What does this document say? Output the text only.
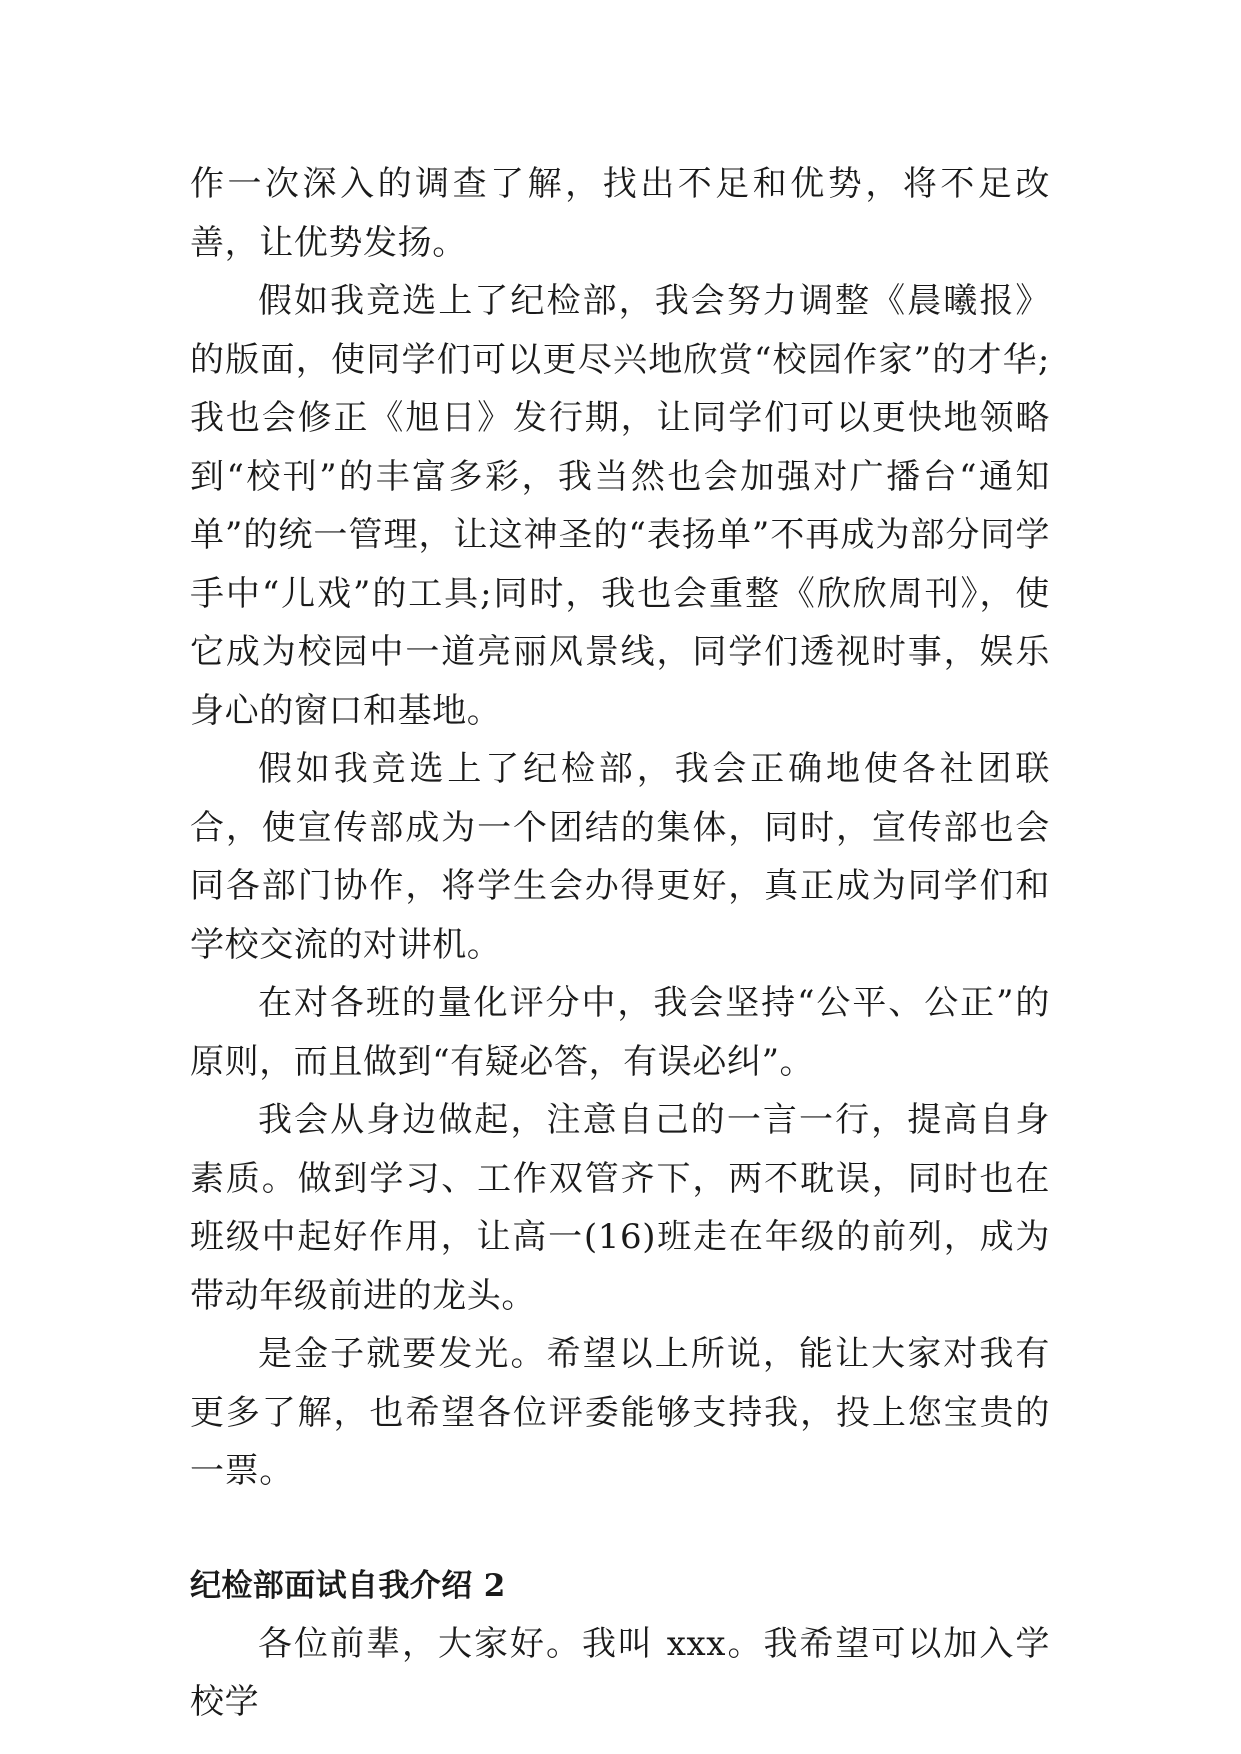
作一次深入的调查了解，找出不足和优势，将不足改善，让优势发扬。

假如我竞选上了纪检部，我会努力调整《晨曦报》的版面，使同学们可以更尽兴地欣赏“校园作家”的才华;我也会修正《旭日》发行期，让同学们可以更快地领略到“校刊”的丰富多彩，我当然也会加强对广播台“通知单”的统一管理，让这神圣的“表扬单”不再成为部分同学手中“儿戏”的工具;同时，我也会重整《欣欣周刊》，使它成为校园中一道亮丽风景线，同学们透视时事，娱乐身心的窗口和基地。

假如我竞选上了纪检部，我会正确地使各社团联合，使宣传部成为一个团结的集体，同时，宣传部也会同各部门协作，将学生会办得更好，真正成为同学们和学校交流的对讲机。

在对各班的量化评分中，我会坚持“公平、公正”的原则，而且做到“有疑必答，有误必纠”。

我会从身边做起，注意自己的一言一行，提高自身素质。做到学习、工作双管齐下，两不耽误，同时也在班级中起好作用，让高一(16)班走在年级的前列，成为带动年级前进的龙头。

是金子就要发光。希望以上所说，能让大家对我有更多了解，也希望各位评委能够支持我，投上您宝贵的一票。

纪检部面试自我介绍 2

各位前辈，大家好。我叫 xxx。我希望可以加入学校学
